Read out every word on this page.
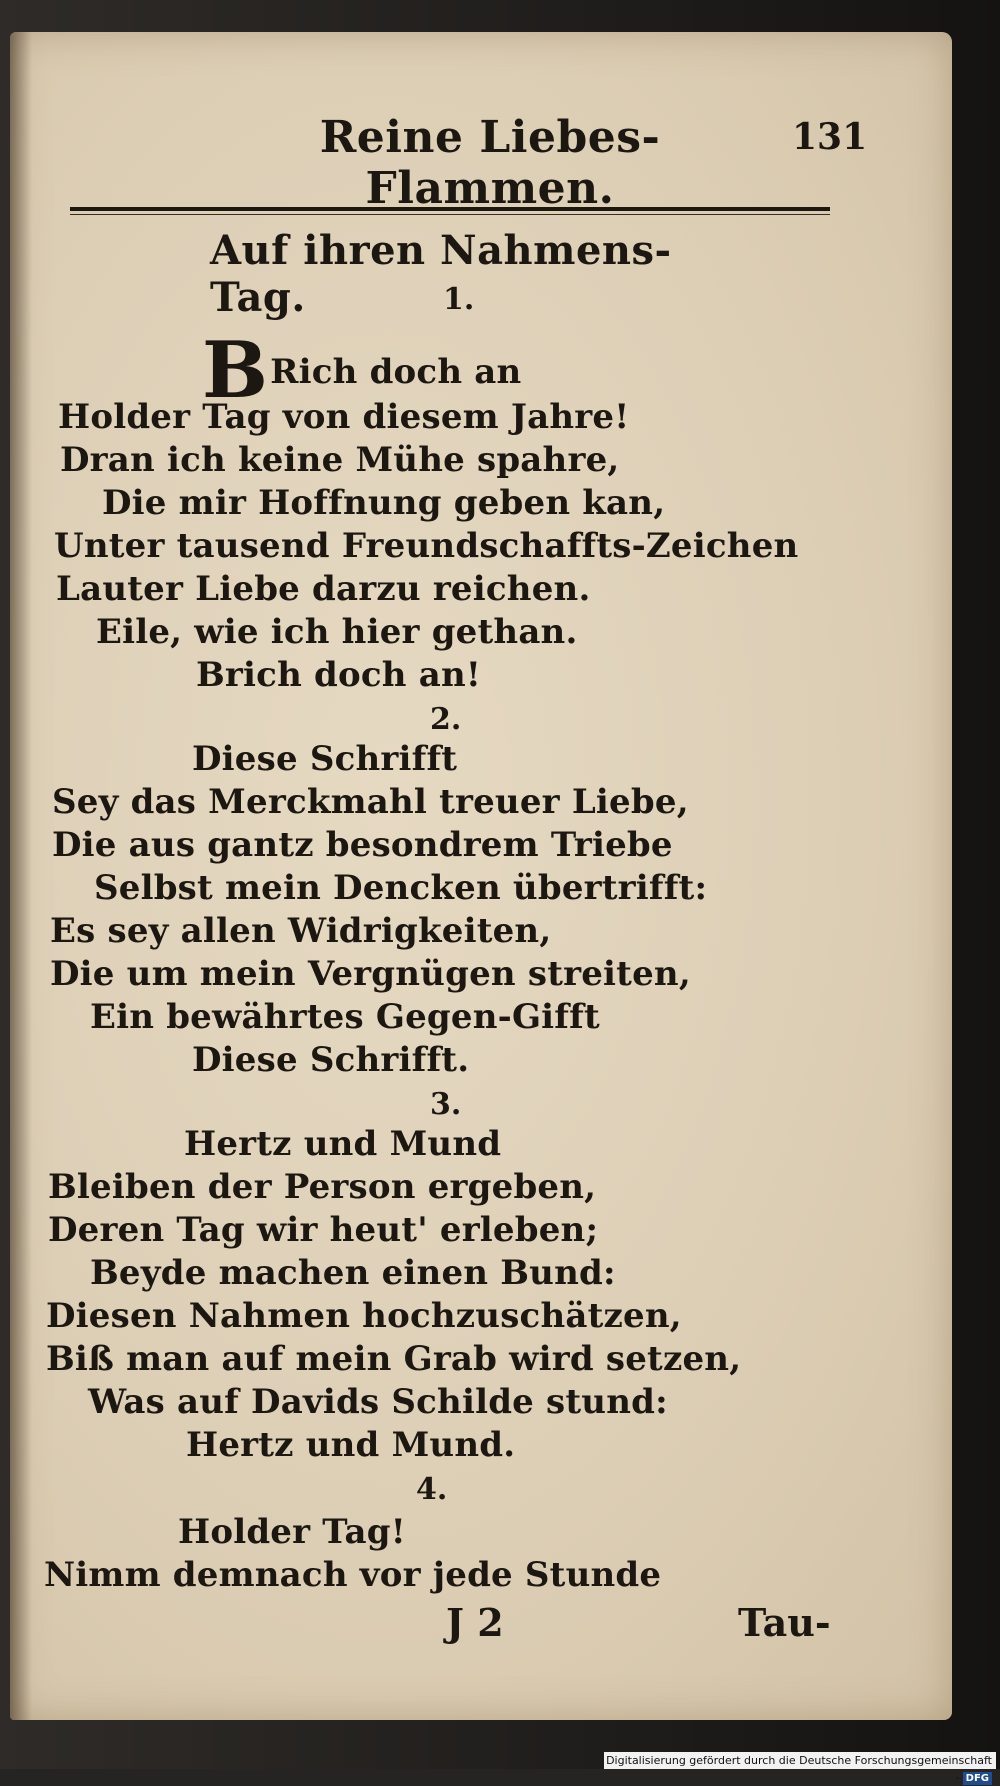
Reine Liebes-Flammen.
131
Auf ihren Nahmens-Tag.	1.
BRich doch an
Holder Tag von diesem Jahre!
Dran ich keine Mühe spahre,
Die mir Hoffnung geben kan,
Unter tausend Freundschaffts-Zeichen
Lauter Liebe darzu reichen.
Eile, wie ich hier gethan.
Brich doch an!
2.
Diese Schrifft
Sey das Merckmahl treuer Liebe,
Die aus gantz besondrem Triebe
Selbst mein Dencken übertrifft:
Es sey allen Widrigkeiten,
Die um mein Vergnügen streiten,
Ein bewährtes Gegen-Gifft
Diese Schrifft.
3.
Hertz und Mund
Bleiben der Person ergeben,
Deren Tag wir heut' erleben;
Beyde machen einen Bund:
Diesen Nahmen hochzuschätzen,
Biß man auf mein Grab wird setzen,
Was auf Davids Schilde stund:
Hertz und Mund.
4.
Holder Tag!
Nimm demnach vor jede Stunde
J 2	Tau-
Digitalisierung gefördert durch die Deutsche Forschungsgemeinschaft - DFG
